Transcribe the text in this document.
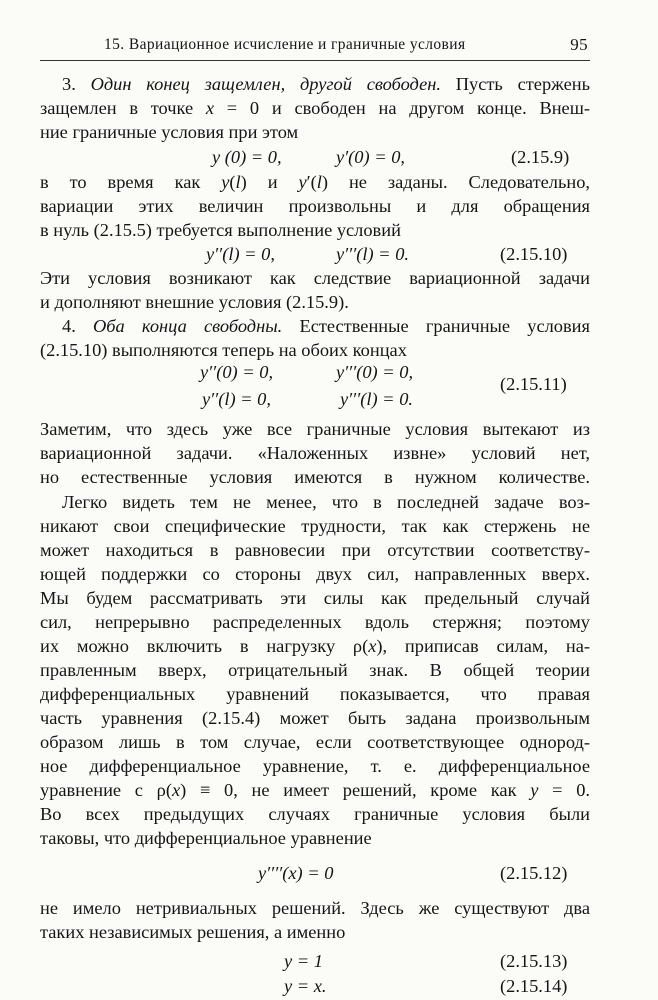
15. Вариационное исчисление и граничные условия	95
3. Один конец защемлен, другой свободен. Пусть стержень
защемлен в точке x = 0 и свободен на другом конце. Внеш-
ние граничные условия при этом
y (0) = 0,	y′(0) = 0,	(2.15.9)
в то время как y(l) и y′(l) не заданы. Следовательно,
вариации этих величин произвольны и для обращения
в нуль (2.15.5) требуется выполнение условий
y′′(l) = 0,	y′′′(l) = 0.	(2.15.10)
Эти условия возникают как следствие вариационной задачи
и дополняют внешние условия (2.15.9).
4. Оба конца свободны. Естественные граничные условия
(2.15.10) выполняются теперь на обоих концах
y′′(0) = 0,	y′′′(0) = 0,
y′′(l) = 0,	y′′′(l) = 0.
(2.15.11)
Заметим, что здесь уже все граничные условия вытекают из
вариационной задачи. «Наложенных извне» условий нет,
но естественные условия имеются в нужном количестве.
Легко видеть тем не менее, что в последней задаче воз-
никают свои специфические трудности, так как стержень не
может находиться в равновесии при отсутствии соответству-
ющей поддержки со стороны двух сил, направленных вверх.
Мы будем рассматривать эти силы как предельный случай
сил, непрерывно распределенных вдоль стержня; поэтому
их можно включить в нагрузку ρ(x), приписав силам, на-
правленным вверх, отрицательный знак. В общей теории
дифференциальных уравнений показывается, что правая
часть уравнения (2.15.4) может быть задана произвольным
образом лишь в том случае, если соответствующее однород-
ное дифференциальное уравнение, т. е. дифференциальное
уравнение с ρ(x) ≡ 0, не имеет решений, кроме как y = 0.
Во всех предыдущих случаях граничные условия были
таковы, что дифференциальное уравнение
y′′′′(x) = 0	(2.15.12)
не имело нетривиальных решений. Здесь же существуют два
таких независимых решения, а именно
y = 1	(2.15.13)
y = x.	(2.15.14)
